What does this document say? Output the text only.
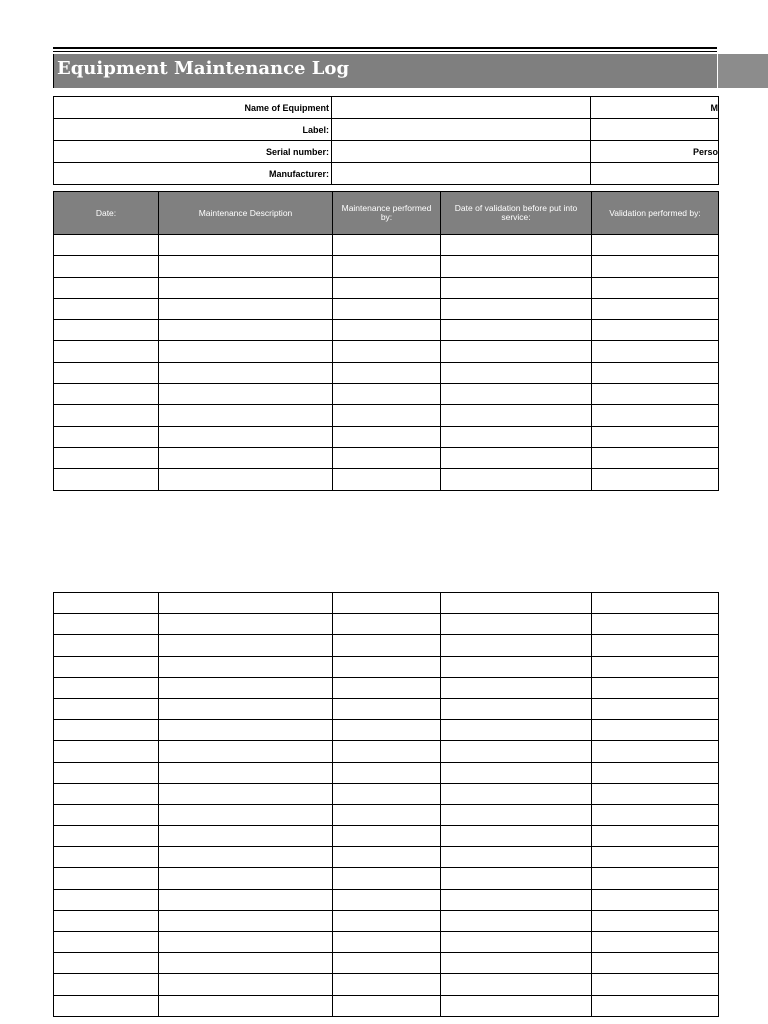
Equipment Maintenance Log
Name of Equipment		M
Label:		
Serial number:		Perso
Manufacturer:		
Date:	Maintenance Description	Maintenance performed by:	Date of validation before put into service:	Validation performed by:
